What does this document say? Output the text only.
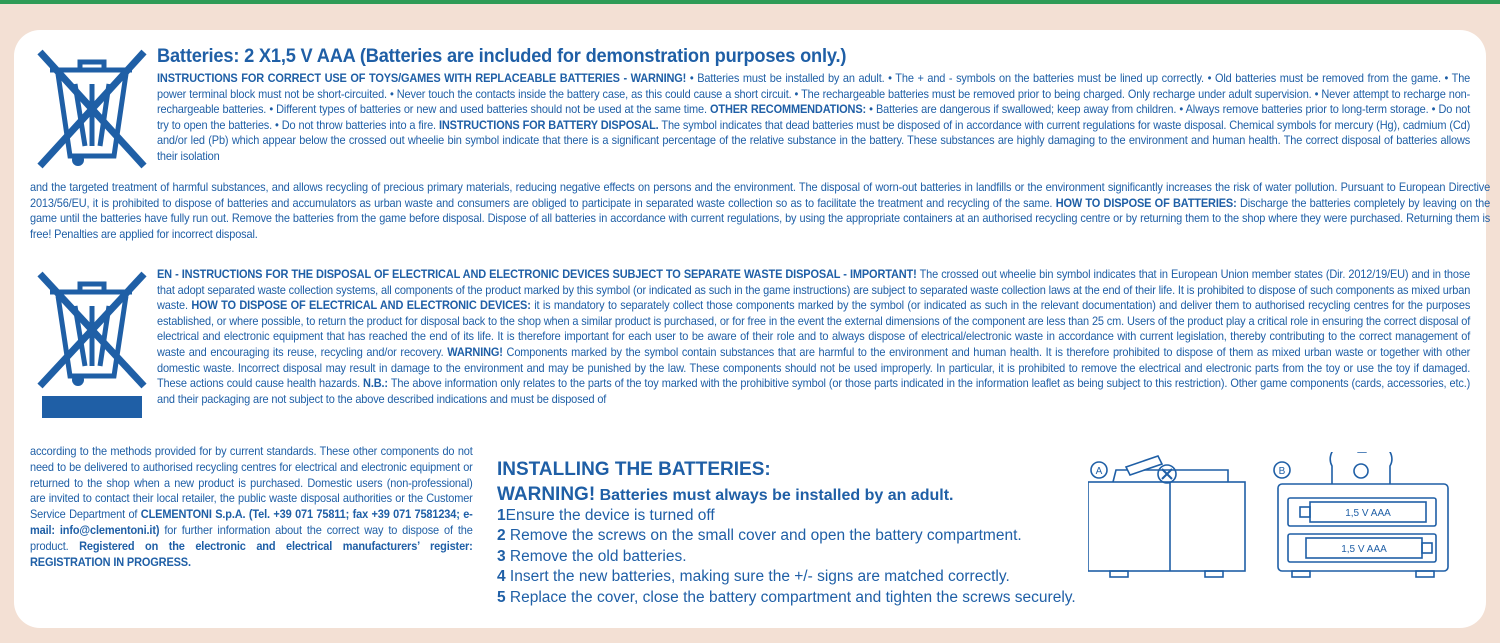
Batteries: 2 X1,5 V AAA (Batteries are included for demonstration purposes only.)
INSTRUCTIONS FOR CORRECT USE OF TOYS/GAMES WITH REPLACEABLE BATTERIES - WARNING! • Batteries must be installed by an adult. • The + and - symbols on the batteries must be lined up correctly. • Old batteries must be removed from the game. • The power terminal block must not be short-circuited. • Never touch the contacts inside the battery case, as this could cause a short circuit. • The rechargeable batteries must be removed prior to being charged. Only recharge under adult supervision. • Never attempt to recharge non-rechargeable batteries. • Different types of batteries or new and used batteries should not be used at the same time. OTHER RECOMMENDATIONS: • Batteries are dangerous if swallowed; keep away from children. • Always remove batteries prior to long-term storage. • Do not try to open the batteries. • Do not throw batteries into a fire. INSTRUCTIONS FOR BATTERY DISPOSAL. The symbol indicates that dead batteries must be disposed of in accordance with current regulations for waste disposal. Chemical symbols for mercury (Hg), cadmium (Cd) and/or led (Pb) which appear below the crossed out wheelie bin symbol indicate that there is a significant percentage of the relative substance in the battery. These substances are highly damaging to the environment and human health. The correct disposal of batteries allows their isolation
and the targeted treatment of harmful substances, and allows recycling of precious primary materials, reducing negative effects on persons and the environment. The disposal of worn-out batteries in landfills or the environment significantly increases the risk of water pollution. Pursuant to European Directive 2013/56/EU, it is prohibited to dispose of batteries and accumulators as urban waste and consumers are obliged to participate in separated waste collection so as to facilitate the treatment and recycling of the same. HOW TO DISPOSE OF BATTERIES: Discharge the batteries completely by leaving on the game until the batteries have fully run out. Remove the batteries from the game before disposal. Dispose of all batteries in accordance with current regulations, by using the appropriate containers at an authorised recycling centre or by returning them to the shop where they were purchased. Returning them is free! Penalties are applied for incorrect disposal.
EN - INSTRUCTIONS FOR THE DISPOSAL OF ELECTRICAL AND ELECTRONIC DEVICES SUBJECT TO SEPARATE WASTE DISPOSAL - IMPORTANT! The crossed out wheelie bin symbol indicates that in European Union member states (Dir. 2012/19/EU) and in those that adopt separated waste collection systems, all components of the product marked by this symbol (or indicated as such in the game instructions) are subject to separated waste collection laws at the end of their life. It is prohibited to dispose of such components as mixed urban waste. HOW TO DISPOSE OF ELECTRICAL AND ELECTRONIC DEVICES: it is mandatory to separately collect those components marked by the symbol (or indicated as such in the relevant documentation) and deliver them to authorised recycling centres for the purposes established, or where possible, to return the product for disposal back to the shop when a similar product is purchased, or for free in the event the external dimensions of the component are less than 25 cm. Users of the product play a critical role in ensuring the correct disposal of electrical and electronic equipment that has reached the end of its life. It is therefore important for each user to be aware of their role and to always dispose of electrical/electronic waste in accordance with current legislation, thereby contributing to the correct management of waste and encouraging its reuse, recycling and/or recovery. WARNING! Components marked by the symbol contain substances that are harmful to the environment and human health. It is therefore prohibited to dispose of them as mixed urban waste or together with other domestic waste. Incorrect disposal may result in damage to the environment and may be punished by the law. These components should not be used improperly. In particular, it is prohibited to remove the electrical and electronic parts from the toy or use the toy if damaged. These actions could cause health hazards. N.B.: The above information only relates to the parts of the toy marked with the prohibitive symbol (or those parts indicated in the information leaflet as being subject to this restriction). Other game components (cards, accessories, etc.) and their packaging are not subject to the above described indications and must be disposed of
according to the methods provided for by current standards. These other components do not need to be delivered to authorised recycling centres for electrical and electronic equipment or returned to the shop when a new product is purchased. Domestic users (non-professional) are invited to contact their local retailer, the public waste disposal authorities or the Customer Service Department of CLEMENTONI S.p.A. (Tel. +39 071 75811; fax +39 071 7581234; e-mail: info@clementoni.it) for further information about the correct way to dispose of the product. Registered on the electronic and electrical manufacturers’ register: REGISTRATION IN PROGRESS.
INSTALLING THE BATTERIES:
WARNING! Batteries must always be installed by an adult.
1Ensure the device is turned off
2 Remove the screws on the small cover and open the battery compartment.
3 Remove the old batteries.
4 Insert the new batteries, making sure the +/- signs are matched correctly.
5 Replace the cover, close the battery compartment and tighten the screws securely.
A	B
1,5 V AAA
1,5 V AAA
